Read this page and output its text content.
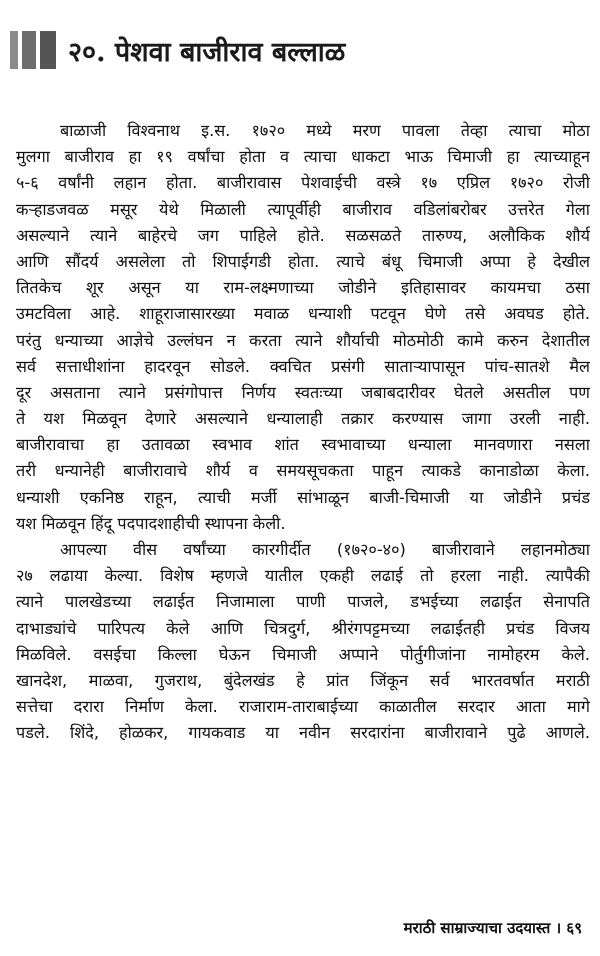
२०. पेशवा बाजीराव बल्लाळ
बाळाजी विश्वनाथ इ.स. १७२० मध्ये मरण पावला तेव्हा त्याचा मोठा
मुलगा बाजीराव हा १९ वर्षांचा होता व त्याचा धाकटा भाऊ चिमाजी हा त्याच्याहून
५-६ वर्षांनी लहान होता. बाजीरावास पेशवाईची वस्त्रे १७ एप्रिल १७२० रोजी
कऱ्हाडजवळ मसूर येथे मिळाली त्यापूर्वीही बाजीराव वडिलांबरोबर उत्तरेत गेला
असल्याने त्याने बाहेरचे जग पाहिले होते. सळसळते तारुण्य, अलौकिक शौर्य
आणि सौंदर्य असलेला तो शिपाईगडी होता. त्याचे बंधू चिमाजी अप्पा हे देखील
तितकेच शूर असून या राम-लक्ष्मणाच्या जोडीने इतिहासावर कायमचा ठसा
उमटविला आहे. शाहूराजासारख्या मवाळ धन्याशी पटवून घेणे तसे अवघड होते.
परंतु धन्याच्या आज्ञेचे उल्लंघन न करता त्याने शौर्याची मोठमोठी कामे करुन देशातील
सर्व सत्ताधीशांना हादरवून सोडले. क्वचित प्रसंगी साताऱ्यापासून पांच-सातशे मैल
दूर असताना त्याने प्रसंगोपात्त निर्णय स्वतःच्या जबाबदारीवर घेतले असतील पण
ते यश मिळवून देणारे असल्याने धन्यालाही तक्रार करण्यास जागा उरली नाही.
बाजीरावाचा हा उतावळा स्वभाव शांत स्वभावाच्या धन्याला मानवणारा नसला
तरी धन्यानेही बाजीरावाचे शौर्य व समयसूचकता पाहून त्याकडे कानाडोळा केला.
धन्याशी एकनिष्ठ राहून, त्याची मर्जी सांभाळून बाजी-चिमाजी या जोडीने प्रचंड
यश मिळवून हिंदू पदपादशाहीची स्थापना केली.
आपल्या वीस वर्षांच्या कारगीर्दीत (१७२०-४०) बाजीरावाने लहानमोठ्या
२७ लढाया केल्या. विशेष म्हणजे यातील एकही लढाई तो हरला नाही. त्यापैकी
त्याने पालखेडच्या लढाईत निजामाला पाणी पाजले, डभईच्या लढाईत सेनापति
दाभाड्यांचे पारिपत्य केले आणि चित्रदुर्ग, श्रीरंगपट्टमच्या लढाईतही प्रचंड विजय
मिळविले. वसईचा किल्ला घेऊन चिमाजी अप्पाने पोर्तुगीजांना नामोहरम केले.
खानदेश, माळवा, गुजराथ, बुंदेलखंड हे प्रांत जिंकून सर्व भारतवर्षात मराठी
सत्तेचा दरारा निर्माण केला. राजाराम-ताराबाईच्या काळातील सरदार आता मागे
पडले. शिंदे, होळकर, गायकवाड या नवीन सरदारांना बाजीरावाने पुढे आणले.
मराठी साम्राज्याचा उदयास्त । ६९
